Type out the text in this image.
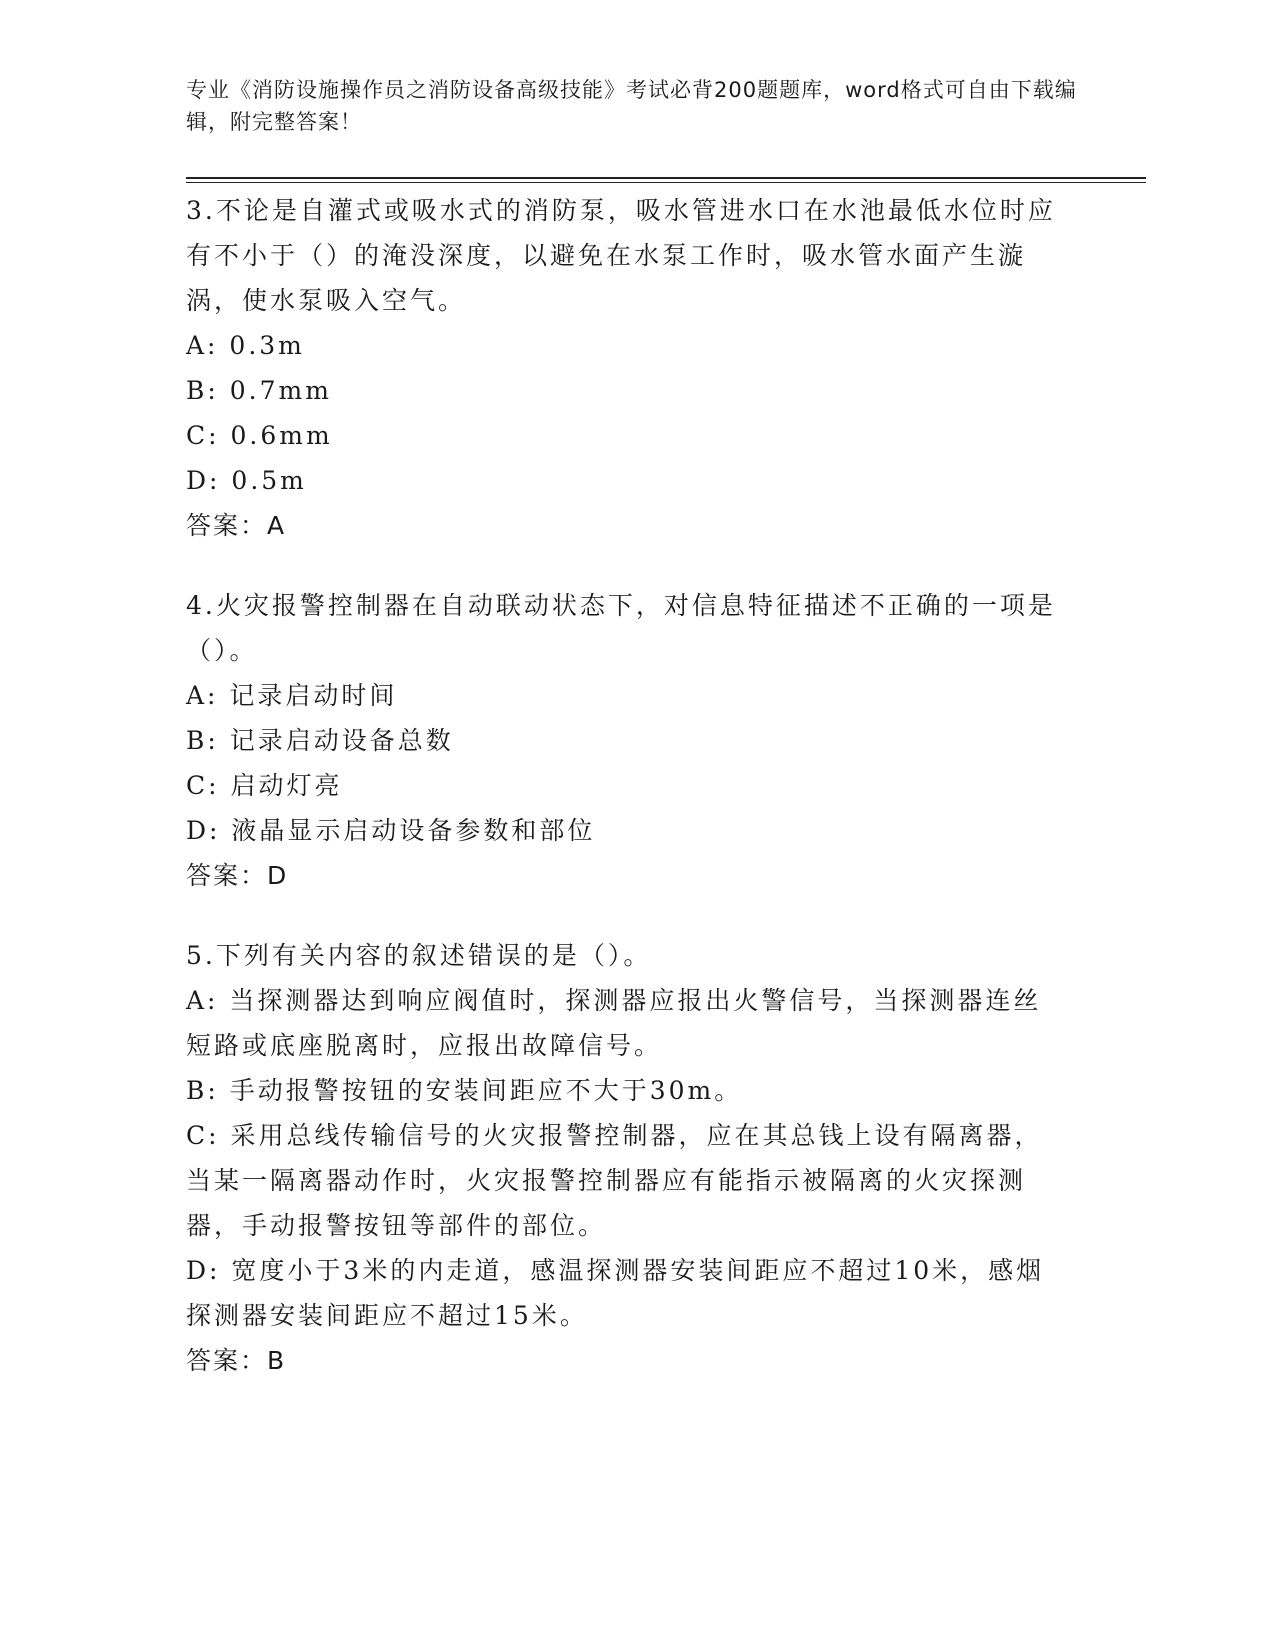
专业《消防设施操作员之消防设备高级技能》考试必背200题题库，word格式可自由下载编辑，附完整答案！

3.不论是自灌式或吸水式的消防泵，吸水管进水口在水池最低水位时应有不小于（）的淹没深度，以避免在水泵工作时，吸水管水面产生漩涡，使水泵吸入空气。

A: 0.3m

B: 0.7mm

C: 0.6mm

D: 0.5m

答案：A

4.火灾报警控制器在自动联动状态下，对信息特征描述不正确的一项是（）。

A: 记录启动时间

B: 记录启动设备总数

C: 启动灯亮

D: 液晶显示启动设备参数和部位

答案：D

5.下列有关内容的叙述错误的是（）。

A: 当探测器达到响应阀值时，探测器应报出火警信号，当探测器连丝短路或底座脱离时，应报出故障信号。

B: 手动报警按钮的安装间距应不大于30m。

C: 采用总线传输信号的火灾报警控制器，应在其总钱上设有隔离器，当某一隔离器动作时，火灾报警控制器应有能指示被隔离的火灾探测器，手动报警按钮等部件的部位。

D: 宽度小于3米的内走道，感温探测器安装间距应不超过10米，感烟探测器安装间距应不超过15米。

答案：B
